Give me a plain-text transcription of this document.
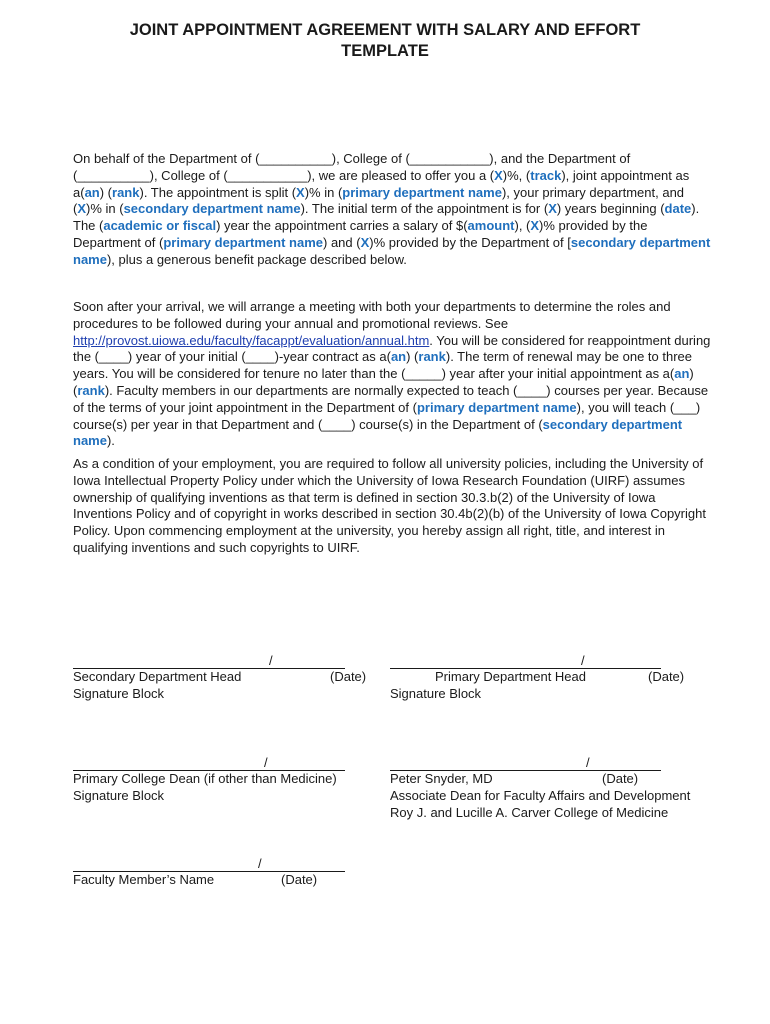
JOINT APPOINTMENT AGREEMENT WITH SALARY AND EFFORT
TEMPLATE

On behalf of the Department of (__________), College of (___________), and the Department of (__________), College of (___________), we are pleased to offer you a (X)%, (track), joint appointment as a(an) (rank). The appointment is split (X)% in (primary department name), your primary department, and (X)% in (secondary department name). The initial term of the appointment is for (X) years beginning (date). The (academic or fiscal) year the appointment carries a salary of $(amount), (X)% provided by the Department of (primary department name) and (X)% provided by the Department of [secondary department name), plus a generous benefit package described below.

Soon after your arrival, we will arrange a meeting with both your departments to determine the roles and procedures to be followed during your annual and promotional reviews. See http://provost.uiowa.edu/faculty/facappt/evaluation/annual.htm. You will be considered for reappointment during the (____) year of your initial (____)-year contract as a(an) (rank). The term of renewal may be one to three years. You will be considered for tenure no later than the (_____) year after your initial appointment as a(an) (rank). Faculty members in our departments are normally expected to teach (____) courses per year. Because of the terms of your joint appointment in the Department of (primary department name), you will teach (___) course(s) per year in that Department and (____) course(s) in the Department of (secondary department name).

As a condition of your employment, you are required to follow all university policies, including the University of Iowa Intellectual Property Policy under which the University of Iowa Research Foundation (UIRF) assumes ownership of qualifying inventions as that term is defined in section 30.3.b(2) of the University of Iowa Inventions Policy and of copyright in works described in section 30.4b(2)(b) of the University of Iowa Copyright Policy. Upon commencing employment at the university, you hereby assign all right, title, and interest in qualifying inventions and such copyrights to UIRF.

/
Secondary Department Head	(Date)
Signature Block
/
Primary Department Head	(Date)
Signature Block
/
Primary College Dean (if other than Medicine)
Signature Block
/
Peter Snyder, MD	(Date)
Associate Dean for Faculty Affairs and Development
Roy J. and Lucille A. Carver College of Medicine
/
Faculty Member’s Name	(Date)
